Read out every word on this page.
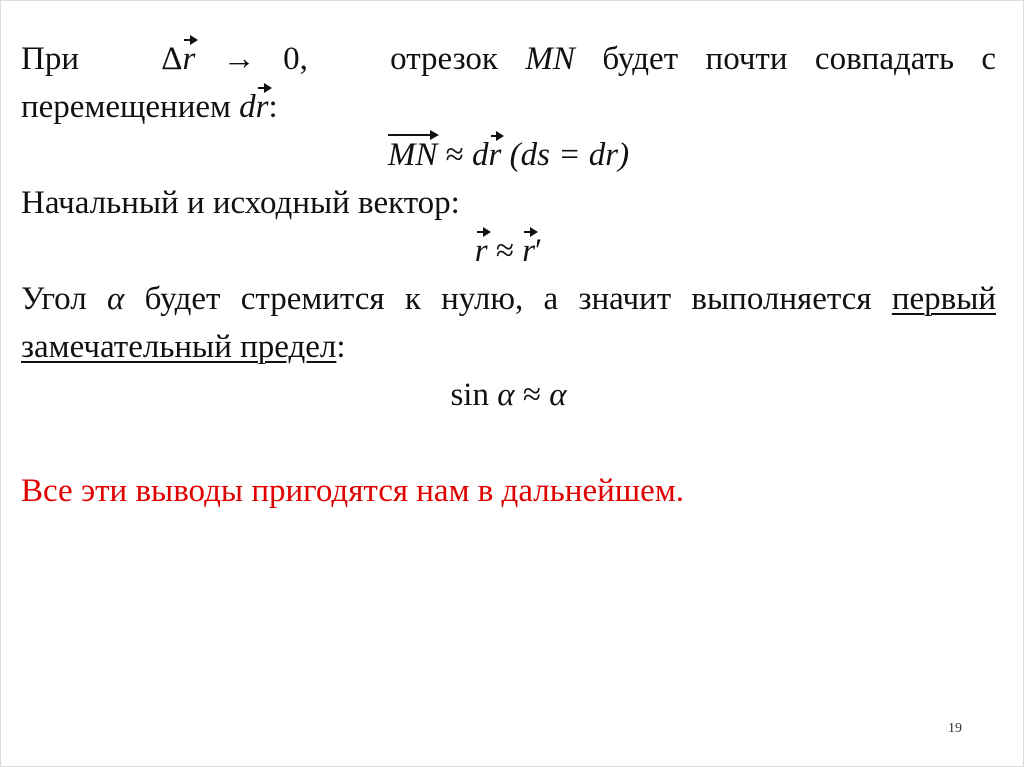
При Δr → 0, отрезок MN будет почти совпадать с
перемещением dr:
MN ≈ dr (ds = dr)
Начальный и исходный вектор:
r ≈ r′
Угол α будет стремится к нулю, а значит выполняется первый замечательный предел:
sin α ≈ α
Все эти выводы пригодятся нам в дальнейшем.
19
